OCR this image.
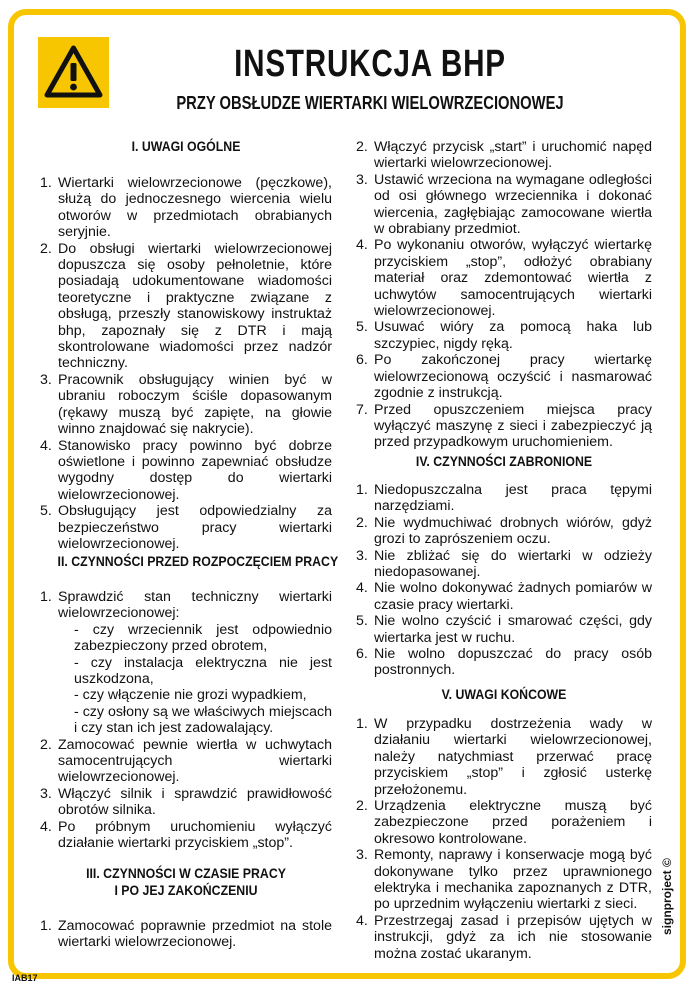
INSTRUKCJA BHP
PRZY OBSŁUDZE WIERTARKI WIELOWRZECIONOWEJ
I. UWAGI OGÓLNE
1. Wiertarki wielowrzecionowe (pęczkowe), służą do jednoczesnego wiercenia wielu otworów w przedmiotach obrabianych seryjnie.
2. Do obsługi wiertarki wielowrzecionowej dopuszcza się osoby pełnoletnie, które posiadają udokumentowane wiadomości teoretyczne i praktyczne związane z obsługą, przeszły stanowiskowy instruktaż bhp, zapoznały się z DTR i mają skontrolowane wiadomości przez nadzór techniczny.
3. Pracownik obsługujący winien być w ubraniu roboczym ściśle dopasowanym (rękawy muszą być zapięte, na głowie winno znajdować się nakrycie).
4. Stanowisko pracy powinno być dobrze oświetlone i powinno zapewniać obsłudze wygodny dostęp do wiertarki wielowrzecionowej.
5. Obsługujący jest odpowiedzialny za bezpieczeństwo pracy wiertarki wielowrzecionowej.
II. CZYNNOŚCI PRZED ROZPOCZĘCIEM PRACY
1. Sprawdzić stan techniczny wiertarki wielowrzecionowej:
- czy wrzeciennik jest odpowiednio zabezpieczony przed obrotem,
- czy instalacja elektryczna nie jest uszkodzona,
- czy włączenie nie grozi wypadkiem,
- czy osłony są we właściwych miejscach i czy stan ich jest zadowalający.
2. Zamocować pewnie wiertła w uchwytach samocentrujących wiertarki wielowrzecionowej.
3. Włączyć silnik i sprawdzić prawidłowość obrotów silnika.
4. Po próbnym uruchomieniu wyłączyć działanie wiertarki przyciskiem „stop”.
III. CZYNNOŚCI W CZASIE PRACY
I PO JEJ ZAKOŃCZENIU
1. Zamocować poprawnie przedmiot na stole wiertarki wielowrzecionowej.
2. Włączyć przycisk „start” i uruchomić napęd wiertarki wielowrzecionowej.
3. Ustawić wrzeciona na wymagane odległości od osi głównego wrzeciennika i dokonać wiercenia, zagłębiając zamocowane wiertła w obrabiany przedmiot.
4. Po wykonaniu otworów, wyłączyć wiertarkę przyciskiem „stop”, odłożyć obrabiany materiał oraz zdemontować wiertła z uchwytów samocentrujących wiertarki wielowrzecionowej.
5. Usuwać wióry za pomocą haka lub szczypiec, nigdy ręką.
6. Po zakończonej pracy wiertarkę wielowrzecionową oczyścić i nasmarować zgodnie z instrukcją.
7. Przed opuszczeniem miejsca pracy wyłączyć maszynę z sieci i zabezpieczyć ją przed przypadkowym uruchomieniem.
IV. CZYNNOŚCI ZABRONIONE
1. Niedopuszczalna jest praca tępymi narzędziami.
2. Nie wydmuchiwać drobnych wiórów, gdyż grozi to zaprószeniem oczu.
3. Nie zbliżać się do wiertarki w odzieży niedopasowanej.
4. Nie wolno dokonywać żadnych pomiarów w czasie pracy wiertarki.
5. Nie wolno czyścić i smarować części, gdy wiertarka jest w ruchu.
6. Nie wolno dopuszczać do pracy osób postronnych.
V. UWAGI KOŃCOWE
1. W przypadku dostrzeżenia wady w działaniu wiertarki wielowrzecionowej, należy natychmiast przerwać pracę przyciskiem „stop” i zgłosić usterkę przełożonemu.
2. Urządzenia elektryczne muszą być zabezpieczone przed porażeniem i okresowo kontrolowane.
3. Remonty, naprawy i konserwacje mogą być dokonywane tylko przez uprawnionego elektryka i mechanika zapoznanych z DTR, po uprzednim wyłączeniu wiertarki z sieci.
4. Przestrzegaj zasad i przepisów ujętych w instrukcji, gdyż za ich nie stosowanie można zostać ukaranym.
signproject ©
IAB17
